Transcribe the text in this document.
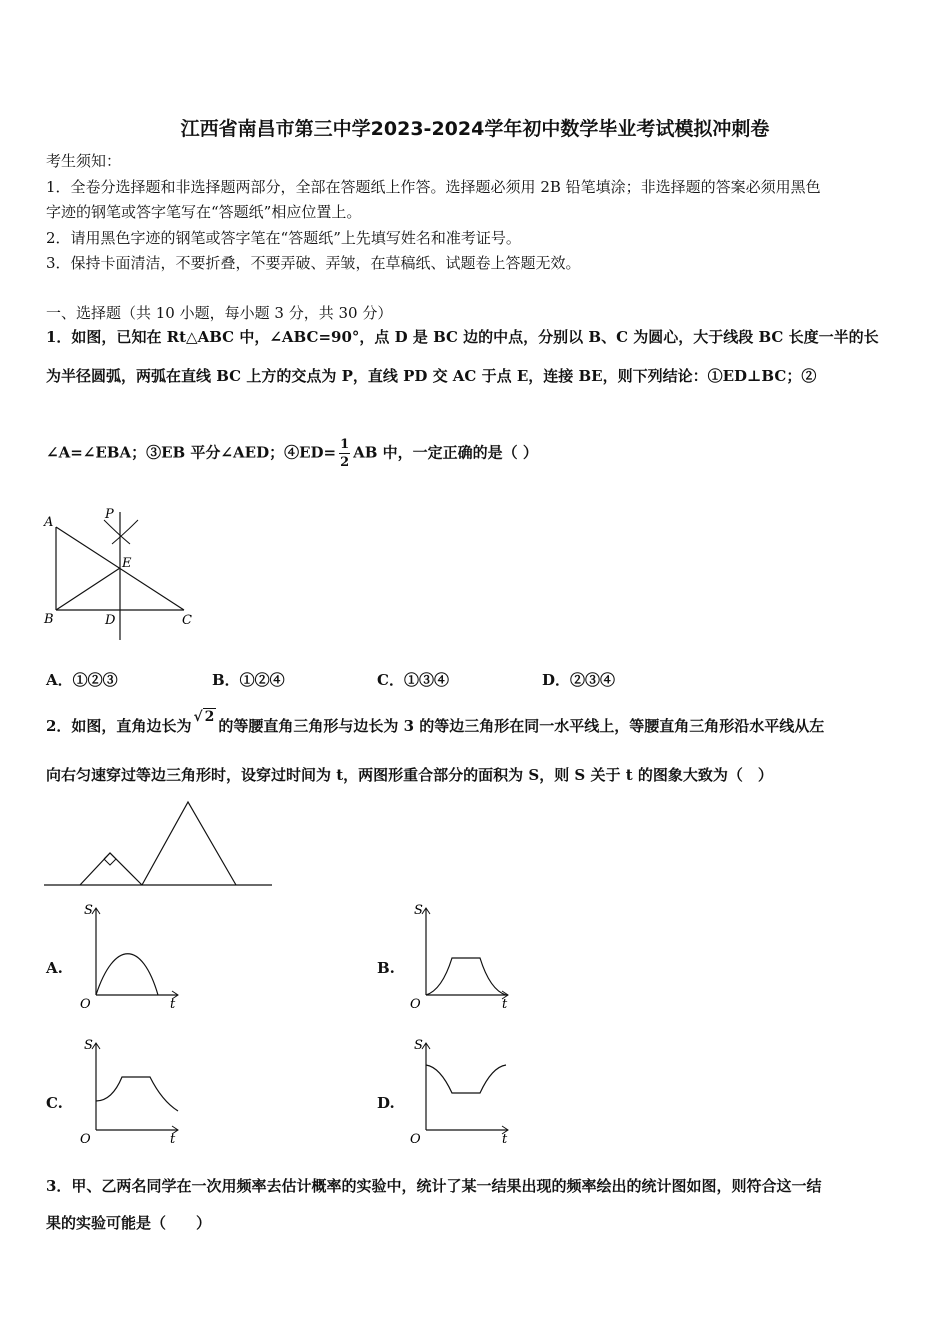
江西省南昌市第三中学2023-2024学年初中数学毕业考试模拟冲刺卷
考生须知：
1．全卷分选择题和非选择题两部分，全部在答题纸上作答。选择题必须用 2B 铅笔填涂；非选择题的答案必须用黑色
字迹的钢笔或答字笔写在“答题纸”相应位置上。
2．请用黑色字迹的钢笔或答字笔在“答题纸”上先填写姓名和准考证号。
3．保持卡面清洁，不要折叠，不要弄破、弄皱，在草稿纸、试题卷上答题无效。
一、选择题（共 10 小题，每小题 3 分，共 30 分）
1．如图，已知在 Rt△ABC 中，∠ABC=90°，点 D 是 BC 边的中点，分别以 B、C 为圆心，大于线段 BC 长度一半的长
为半径圆弧，两弧在直线 BC 上方的交点为 P，直线 PD 交 AC 于点 E，连接 BE，则下列结论：①ED⊥BC；②
∠A=∠EBA；③EB 平分∠AED；④ED= $\frac{1}{2}$ AB 中，一定正确的是（ ）
A
B	C
D
E
P
A．①②③	B．①②④	C．①③④	D．②③④
2．如图，直角边长为 √ 2 的等腰直角三角形与边长为 3 的等边三角形在同一水平线上，等腰直角三角形沿水平线从左
向右匀速穿过等边三角形时，设穿过时间为 t，两图形重合部分的面积为 S，则 S 关于 t 的图象大致为（　）
A.	B.
C.	D.
S
t
O
S
t
O
S
t
O
S
t
O
3．甲、乙两名同学在一次用频率去估计概率的实验中，统计了某一结果出现的频率绘出的统计图如图，则符合这一结
果的实验可能是（　　）
